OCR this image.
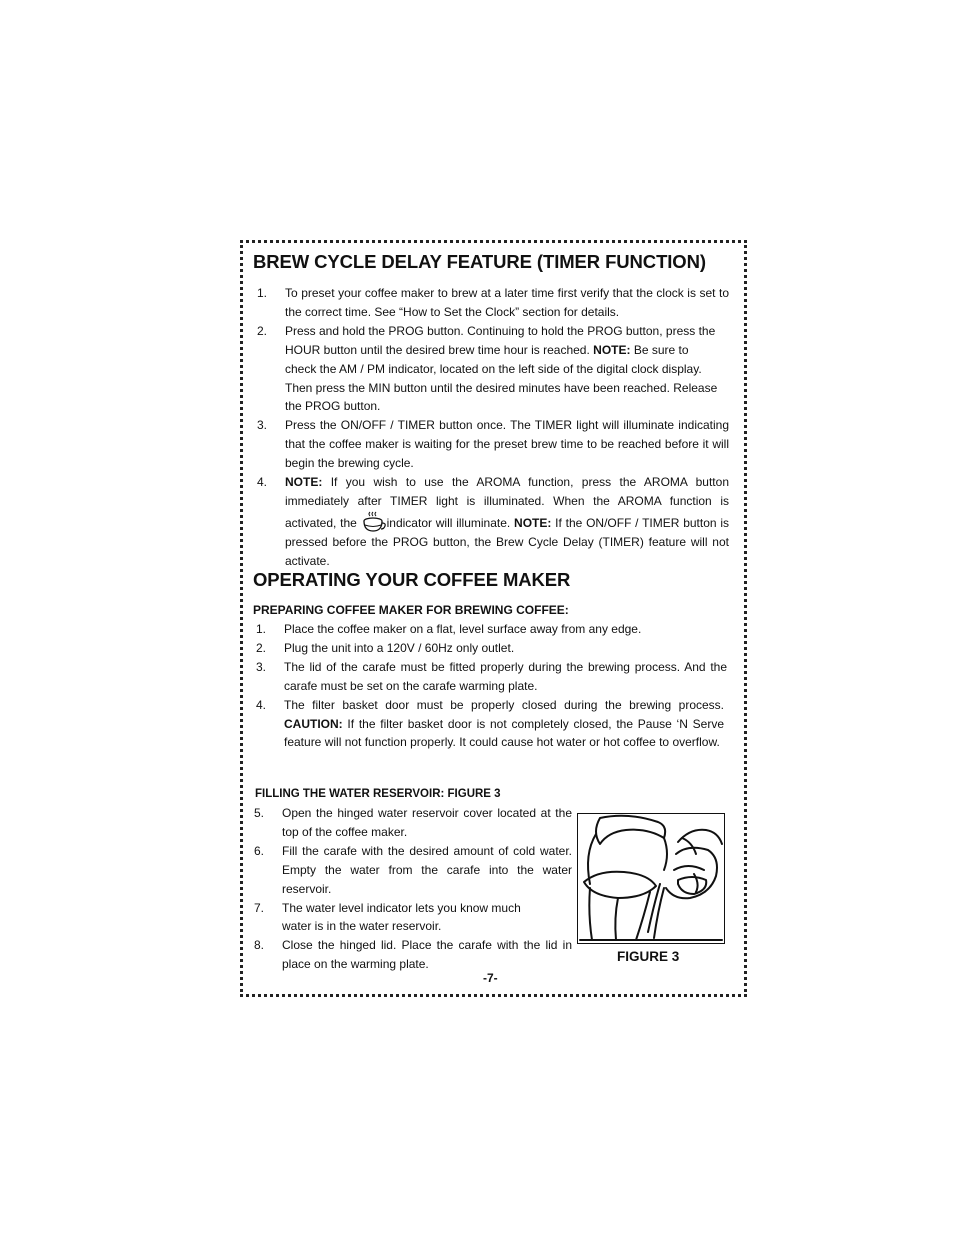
BREW CYCLE DELAY FEATURE (TIMER FUNCTION)
1. To preset your coffee maker to brew at a later time first verify that the clock is set to the correct time. See “How to Set the Clock” section for details.
2. Press and hold the PROG button. Continuing to hold the PROG button, press the HOUR button until the desired brew time hour is reached. NOTE: Be sure to check the AM / PM indicator, located on the left side of the digital clock display. Then press the MIN button until the desired minutes have been reached. Release the PROG button.
3. Press the ON/OFF / TIMER button once. The TIMER light will illuminate indicating that the coffee maker is waiting for the preset brew time to be reached before it will begin the brewing cycle.
4. NOTE: If you wish to use the AROMA function, press the AROMA button immediately after TIMER light is illuminated. When the AROMA function is activated, the indicator will illuminate. NOTE: If the ON/OFF / TIMER button is pressed before the PROG button, the Brew Cycle Delay (TIMER) feature will not activate.
OPERATING YOUR COFFEE MAKER
PREPARING COFFEE MAKER FOR BREWING COFFEE:
1. Place the coffee maker on a flat, level surface away from any edge.
2. Plug the unit into a 120V / 60Hz only outlet.
3. The lid of the carafe must be fitted properly during the brewing process. And the carafe must be set on the carafe warming plate.
4. The filter basket door must be properly closed during the brewing process. CAUTION: If the filter basket door is not completely closed, the Pause ‘N Serve feature will not function properly. It could cause hot water or hot coffee to overflow.
FILLING THE WATER RESERVOIR: FIGURE 3
5. Open the hinged water reservoir cover located at the top of the coffee maker.
6. Fill the carafe with the desired amount of cold water. Empty the water from the carafe into the water reservoir.
7. The water level indicator lets you know much water is in the water reservoir.
8. Close the hinged lid. Place the carafe with the lid in place on the warming plate.
FIGURE 3
-7-
